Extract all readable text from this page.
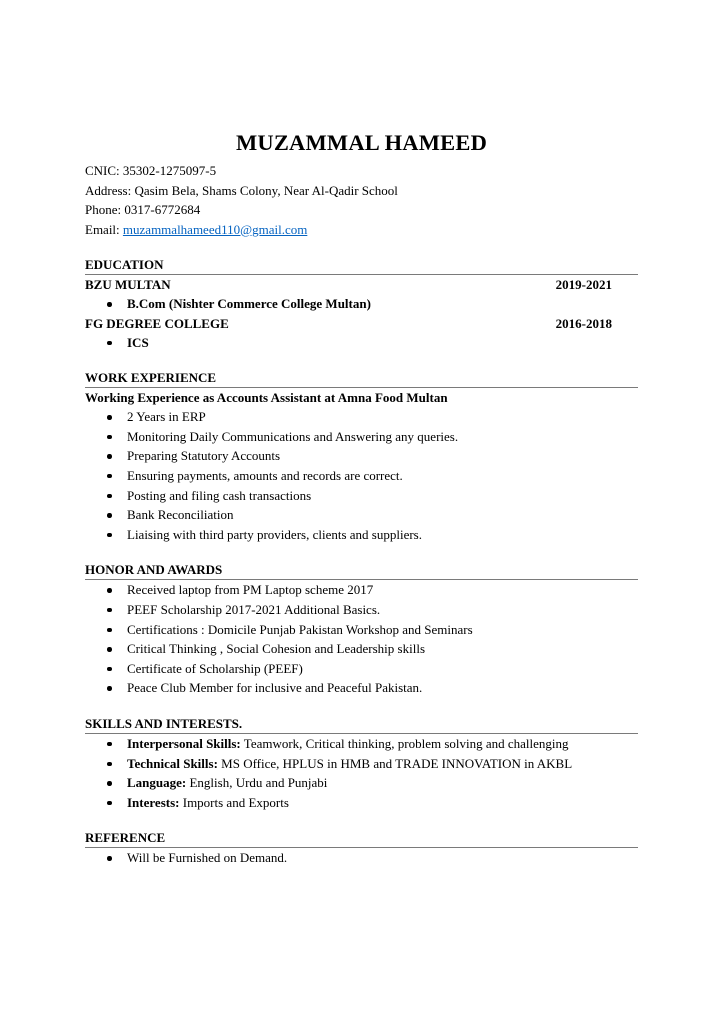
MUZAMMAL HAMEED
CNIC: 35302-1275097-5
Address: Qasim Bela, Shams Colony, Near Al-Qadir School
Phone: 0317-6772684
Email: muzammalhameed110@gmail.com
EDUCATION
BZU MULTAN	2019-2021
B.Com (Nishter Commerce College Multan)
FG DEGREE COLLEGE	2016-2018
ICS
WORK EXPERIENCE
Working Experience as Accounts Assistant at Amna Food Multan
2 Years in ERP
Monitoring Daily Communications and Answering any queries.
Preparing Statutory Accounts
Ensuring payments, amounts and records are correct.
Posting and filing cash transactions
Bank Reconciliation
Liaising with third party providers, clients and suppliers.
HONOR AND AWARDS
Received laptop from PM Laptop scheme 2017
PEEF Scholarship 2017-2021 Additional Basics.
Certifications : Domicile Punjab Pakistan Workshop and Seminars
Critical Thinking , Social Cohesion and Leadership skills
Certificate of Scholarship (PEEF)
Peace Club Member for inclusive and Peaceful Pakistan.
SKILLS AND INTERESTS.
Interpersonal Skills: Teamwork, Critical thinking, problem solving and challenging
Technical Skills: MS Office, HPLUS in HMB and TRADE INNOVATION in AKBL
Language: English, Urdu and Punjabi
Interests: Imports and Exports
REFERENCE
Will be Furnished on Demand.
